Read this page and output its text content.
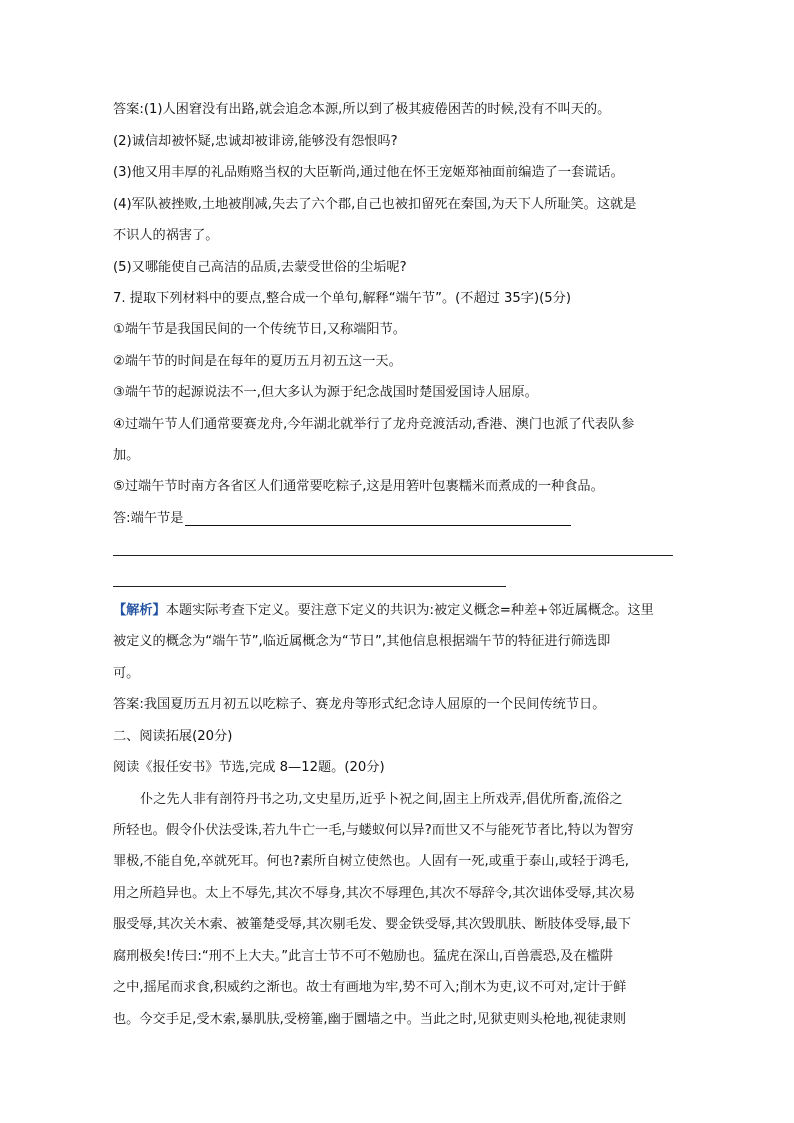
答案:(1)人困窘没有出路,就会追念本源,所以到了极其疲倦困苦的时候,没有不叫天的。
(2)诚信却被怀疑,忠诚却被诽谤,能够没有怨恨吗?
(3)他又用丰厚的礼品贿赂当权的大臣靳尚,通过他在怀王宠姬郑袖面前编造了一套谎话。
(4)军队被挫败,土地被削减,失去了六个郡,自己也被扣留死在秦国,为天下人所耻笑。这就是
不识人的祸害了。
(5)又哪能使自己高洁的品质,去蒙受世俗的尘垢呢?
7. 提取下列材料中的要点,整合成一个单句,解释“端午节”。(不超过 35字)(5分)
①端午节是我国民间的一个传统节日,又称端阳节。
②端午节的时间是在每年的夏历五月初五这一天。
③端午节的起源说法不一,但大多认为源于纪念战国时楚国爱国诗人屈原。
④过端午节人们通常要赛龙舟,今年湖北就举行了龙舟竞渡活动,香港、澳门也派了代表队参
加。
⑤过端午节时南方各省区人们通常要吃粽子,这是用箬叶包裹糯米而煮成的一种食品。
答:端午节是
【解析】本题实际考查下定义。要注意下定义的共识为:被定义概念=种差+邻近属概念。这里
被定义的概念为“端午节”,临近属概念为“节日”,其他信息根据端午节的特征进行筛选即
可。
答案:我国夏历五月初五以吃粽子、赛龙舟等形式纪念诗人屈原的一个民间传统节日。
二、阅读拓展(20分)
阅读《报任安书》节选,完成 8—12题。(20分)
仆之先人非有剖符丹书之功,文史星历,近乎卜祝之间,固主上所戏弄,倡优所畜,流俗之
所轻也。假令仆伏法受诛,若九牛亡一毛,与蝼蚁何以异?而世又不与能死节者比,特以为智穷
罪极,不能自免,卒就死耳。何也?素所自树立使然也。人固有一死,或重于泰山,或轻于鸿毛,
用之所趋异也。太上不辱先,其次不辱身,其次不辱理色,其次不辱辞令,其次诎体受辱,其次易
服受辱,其次关木索、被箠楚受辱,其次剔毛发、婴金铁受辱,其次毁肌肤、断肢体受辱,最下
腐刑极矣!传曰:“刑不上大夫。”此言士节不可不勉励也。猛虎在深山,百兽震恐,及在槛阱
之中,摇尾而求食,积威约之渐也。故士有画地为牢,势不可入;削木为吏,议不可对,定计于鲜
也。今交手足,受木索,暴肌肤,受榜箠,幽于圜墙之中。当此之时,见狱吏则头枪地,视徒隶则
